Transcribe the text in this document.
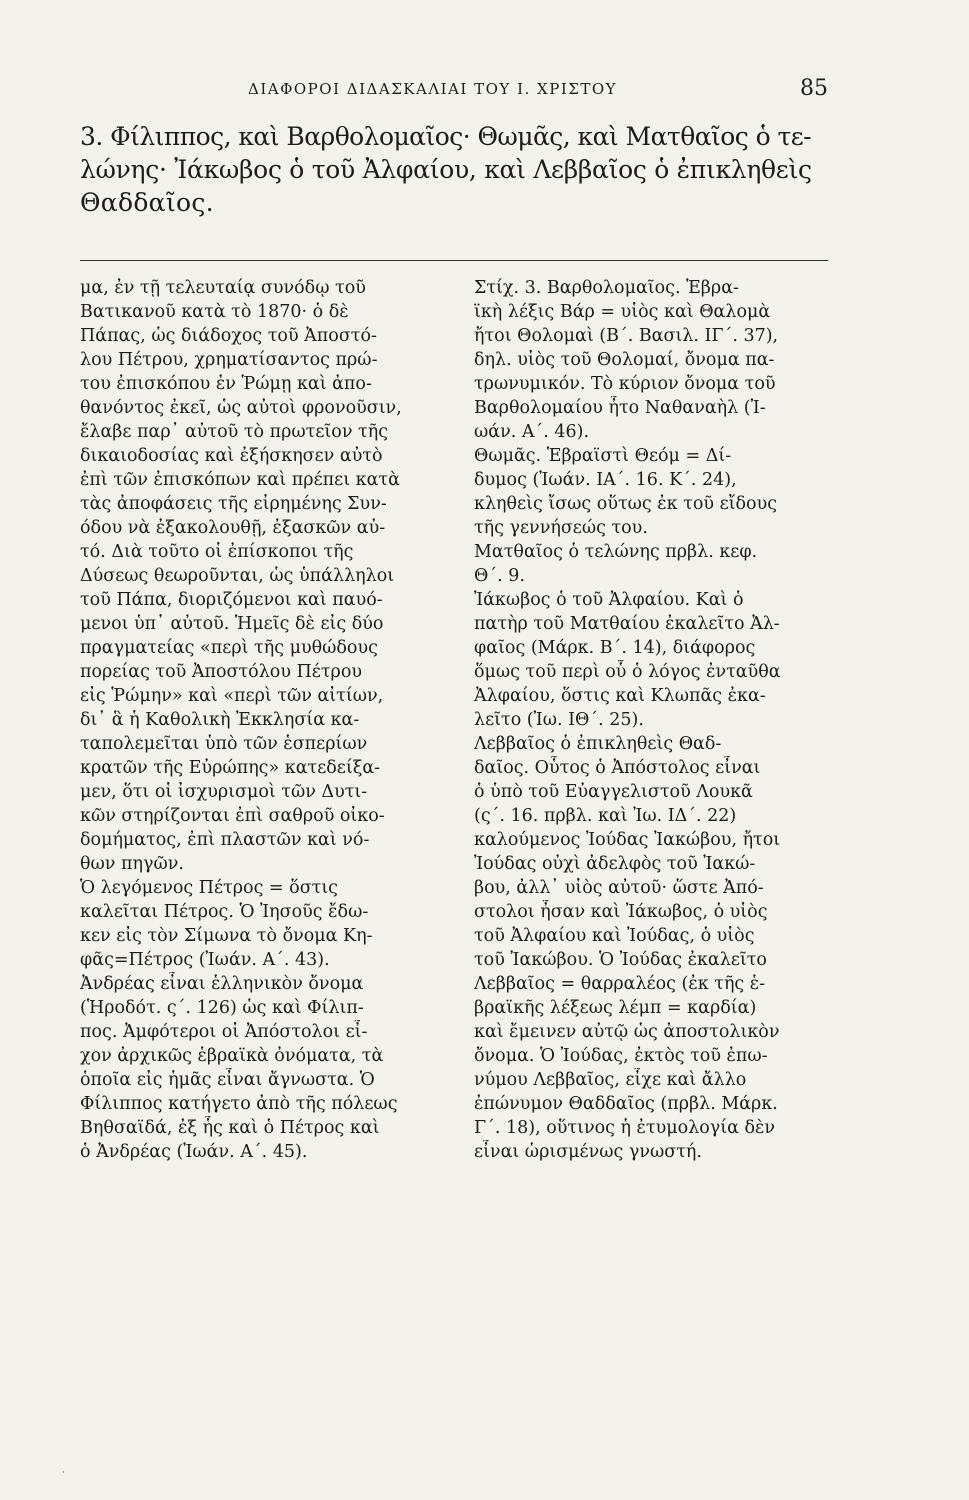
ΔΙΑΦΟΡΟΙ ΔΙΔΑΣΚΑΛΙΑΙ ΤΟΥ Ι. ΧΡΙΣΤΟΥ	85

3. Φίλιππος, καὶ Βαρθολομαῖος· Θωμᾶς, καὶ Ματθαῖος ὁ τε-

λώνης· Ἰάκωβος ὁ τοῦ Ἀλφαίου, καὶ Λεββαῖος ὁ ἐπικληθεὶς

Θαδδαῖος.

μα, ἐν τῇ τελευταίᾳ συνόδῳ τοῦ

Βατικανοῦ κατὰ τὸ 1870· ὁ δὲ

Πάπας, ὡς διάδοχος τοῦ Ἀποστό-

λου Πέτρου, χρηματίσαντος πρώ-

του ἐπισκόπου ἐν Ῥώμῃ καὶ ἀπο-

θανόντος ἐκεῖ, ὡς αὐτοὶ φρονοῦσιν,

ἔλαβε παρ᾽ αὐτοῦ τὸ πρωτεῖον τῆς

δικαιοδοσίας καὶ ἐξήσκησεν αὐτὸ

ἐπὶ τῶν ἐπισκόπων καὶ πρέπει κατὰ

τὰς ἀποφάσεις τῆς εἰρημένης Συν-

όδου νὰ ἐξακολουθῇ, ἐξασκῶν αὐ-

τό. Διὰ τοῦτο οἱ ἐπίσκοποι τῆς

Δύσεως θεωροῦνται, ὡς ὑπάλληλοι

τοῦ Πάπα, διοριζόμενοι καὶ παυό-

μενοι ὑπ᾽ αὐτοῦ. Ἡμεῖς δὲ εἰς δύο

πραγματείας «περὶ τῆς μυθώδους

πορείας τοῦ Ἀποστόλου Πέτρου

εἰς Ῥώμην» καὶ «περὶ τῶν αἰτίων,

δι᾽ ἃ ἡ Καθολικὴ Ἐκκλησία κα-

ταπολεμεῖται ὑπὸ τῶν ἑσπερίων

κρατῶν τῆς Εὐρώπης» κατεδείξα-

μεν, ὅτι οἱ ἰσχυρισμοὶ τῶν Δυτι-

κῶν στηρίζονται ἐπὶ σαθροῦ οἰκο-

δομήματος, ἐπὶ πλαστῶν καὶ νό-

θων πηγῶν.

Ὁ λεγόμενος Πέτρος = ὅστις

καλεῖται Πέτρος. Ὁ Ἰησοῦς ἔδω-

κεν εἰς τὸν Σίμωνα τὸ ὄνομα Κη-

φᾶς=Πέτρος (Ἰωάν. Α΄. 43).

Ἀνδρέας εἶναι ἑλληνικὸν ὄνομα

(Ἡροδότ. ς΄. 126) ὡς καὶ Φίλιπ-

πος. Ἀμφότεροι οἱ Ἀπόστολοι εἶ-

χον ἀρχικῶς ἑβραϊκὰ ὀνόματα, τὰ

ὁποῖα εἰς ἡμᾶς εἶναι ἄγνωστα. Ὁ

Φίλιππος κατήγετο ἀπὸ τῆς πόλεως

Βηθσαϊδά, ἐξ ἧς καὶ ὁ Πέτρος καὶ

ὁ Ἀνδρέας (Ἰωάν. Α΄. 45).

Στίχ. 3. Βαρθολομαῖος. Ἑβρα-

ϊκὴ λέξις Βάρ = υἱὸς καὶ Θαλομὰ

ἤτοι Θολομαὶ (Β΄. Βασιλ. ΙΓ΄. 37),

δηλ. υἱὸς τοῦ Θολομαί, ὄνομα πα-

τρωνυμικόν. Τὸ κύριον ὄνομα τοῦ

Βαρθολομαίου ἦτο Ναθαναὴλ (Ἰ-

ωάν. Α΄. 46).

Θωμᾶς. Ἑβραϊστὶ Θεόμ = Δί-

δυμος (Ἰωάν. ΙΑ΄. 16. Κ΄. 24),

κληθεὶς ἴσως οὕτως ἐκ τοῦ εἴδους

τῆς γεννήσεώς του.

Ματθαῖος ὁ τελώνης πρβλ. κεφ.

Θ΄. 9.

Ἰάκωβος ὁ τοῦ Ἀλφαίου. Καὶ ὁ

πατὴρ τοῦ Ματθαίου ἐκαλεῖτο Ἀλ-

φαῖος (Μάρκ. Β΄. 14), διάφορος

ὅμως τοῦ περὶ οὗ ὁ λόγος ἐνταῦθα

Ἀλφαίου, ὅστις καὶ Κλωπᾶς ἐκα-

λεῖτο (Ἰω. ΙΘ΄. 25).

Λεββαῖος ὁ ἐπικληθεὶς Θαδ-

δαῖος. Οὗτος ὁ Ἀπόστολος εἶναι

ὁ ὑπὸ τοῦ Εὐαγγελιστοῦ Λουκᾶ

(ς΄. 16. πρβλ. καὶ Ἰω. ΙΔ΄. 22)

καλούμενος Ἰούδας Ἰακώβου, ἤτοι

Ἰούδας οὐχὶ ἀδελφὸς τοῦ Ἰακώ-

βου, ἀλλ᾽ υἱὸς αὐτοῦ· ὥστε Ἀπό-

στολοι ἦσαν καὶ Ἰάκωβος, ὁ υἱὸς

τοῦ Ἀλφαίου καὶ Ἰούδας, ὁ υἱὸς

τοῦ Ἰακώβου. Ὁ Ἰούδας ἐκαλεῖτο

Λεββαῖος = θαρραλέος (ἐκ τῆς ἑ-

βραϊκῆς λέξεως λέμπ = καρδία)

καὶ ἔμεινεν αὐτῷ ὡς ἀποστολικὸν

ὄνομα. Ὁ Ἰούδας, ἐκτὸς τοῦ ἐπω-

νύμου Λεββαῖος, εἶχε καὶ ἄλλο

ἐπώνυμον Θαδδαῖος (πρβλ. Μάρκ.

Γ΄. 18), οὕτινος ἡ ἐτυμολογία δὲν

εἶναι ὡρισμένως γνωστή.

·
